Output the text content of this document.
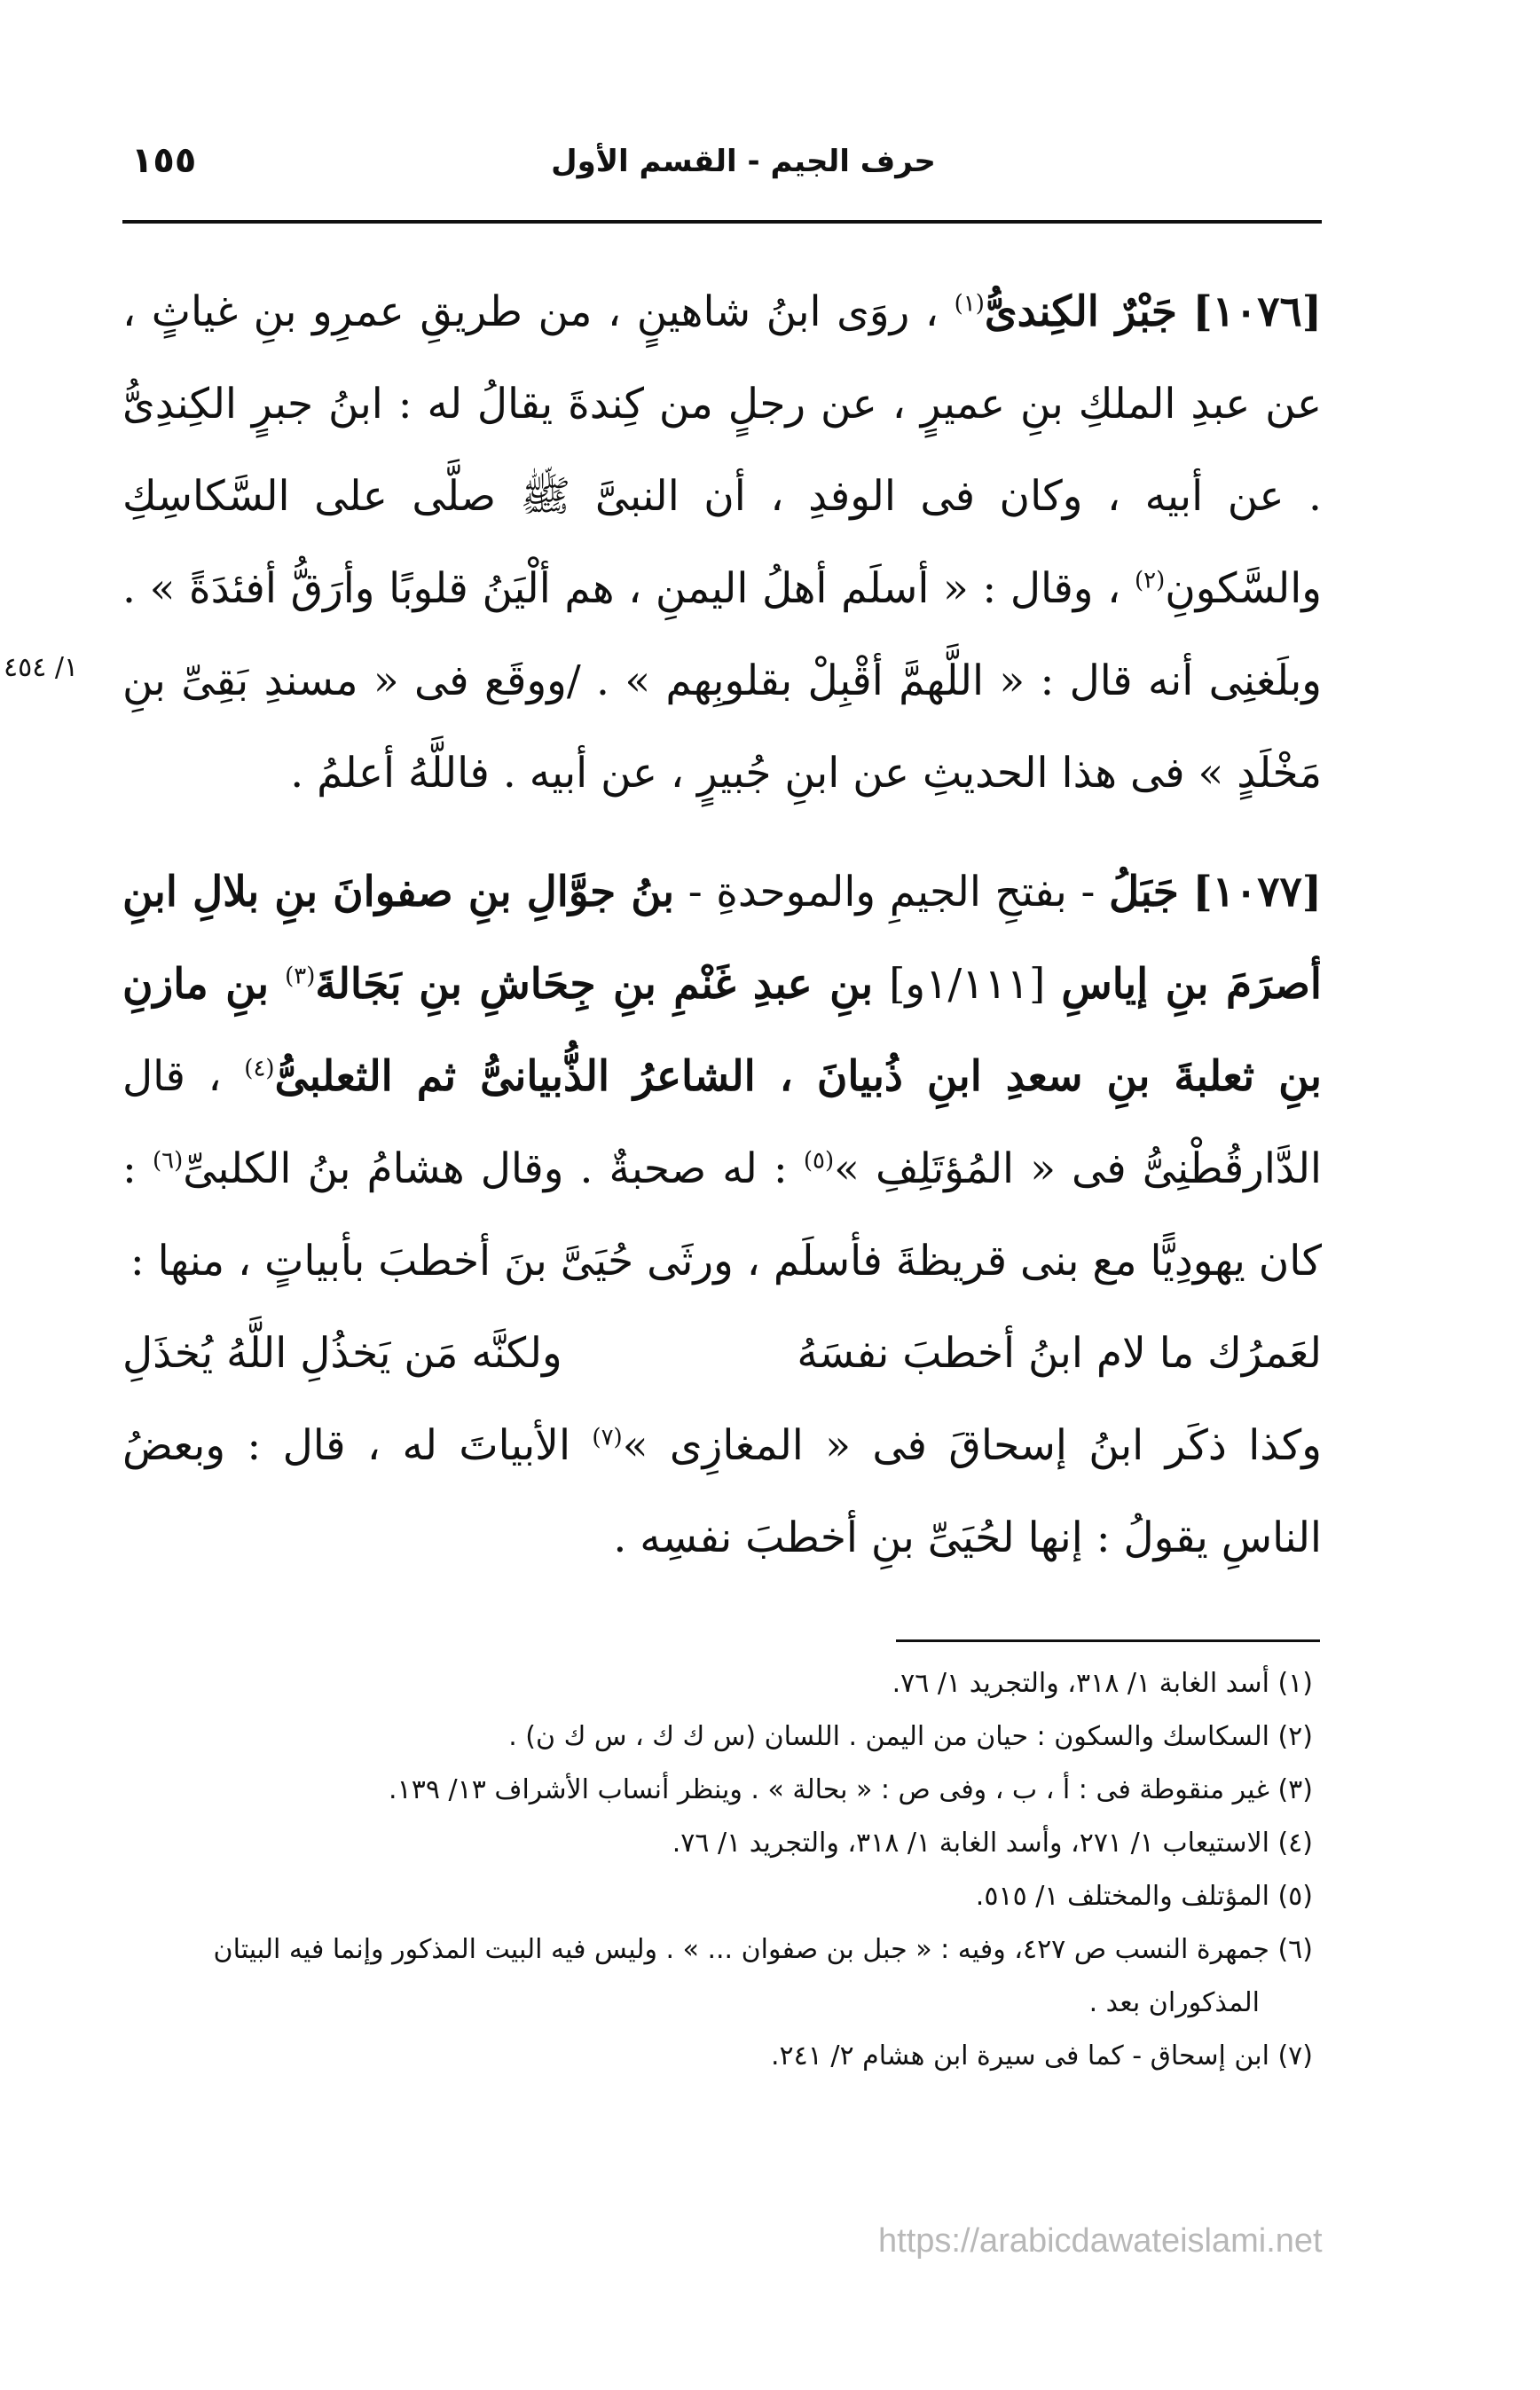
١٥٥	حرف الجيم - القسم الأول
١/ ٤٥٤

[١٠٧٦] جَبْرٌ الكِندىُّ$^{(١)}$ ، روَى ابنُ شاهينٍ ، من طريقِ عمرِو بنِ غياثٍ ، عن عبدِ الملكِ بنِ عميرٍ ، عن رجلٍ من كِندةَ يقالُ له : ابنُ جبرٍ الكِندِىُّ . عن أبيه ، وكان فى الوفدِ ، أن النبىَّ ﷺ صلَّى على السَّكاسِكِ والسَّكونِ$^{(٢)}$ ، وقال : « أسلَم أهلُ اليمنِ ، هم ألْيَنُ قلوبًا وأرَقُّ أفئدَةً » . وبلَغنِى أنه قال : « اللَّهمَّ أقْبِلْ بقلوبِهم » . /ووقَع فى « مسندِ بَقِىِّ بنِ مَخْلَدٍ » فى هذا الحديثِ عن ابنِ جُبيرٍ ، عن أبيه . فاللَّهُ أعلمُ .

[١٠٧٧] جَبَلُ - بفتحِ الجيمِ والموحدةِ - بنُ جوَّالِ بنِ صفوانَ بنِ بلالِ ابنِ أصرَمَ بنِ إياسِ [١/١١١و] بنِ عبدِ غَنْمِ بنِ جِحَاشِ بنِ بَجَالةَ$^{(٣)}$ بنِ مازنِ بنِ ثعلبةَ بنِ سعدِ ابنِ ذُبيانَ ، الشاعرُ الذُّبيانىُّ ثم الثعلبىُّ$^{(٤)}$ ، قال الدَّارقُطْنِىُّ فى « المُؤتَلِفِ »$^{(٥)}$ : له صحبةٌ . وقال هشامُ بنُ الكلبىِّ$^{(٦)}$ : كان يهودِيًّا مع بنى قريظةَ فأسلَم ، ورثَى حُيَىَّ بنَ أخطبَ بأبياتٍ ، منها :

لعَمرُك ما لام ابنُ أخطبَ نفسَهُ
ولكنَّه مَن يَخذُلِ اللَّهُ يُخذَلِ

وكذا ذكَر ابنُ إسحاقَ فى « المغازِى »$^{(٧)}$ الأبياتَ له ، قال : وبعضُ الناسِ يقولُ : إنها لحُيَىِّ بنِ أخطبَ نفسِه .

(١) أسد الغابة ١/ ٣١٨، والتجريد ١/ ٧٦.

(٢) السكاسك والسكون : حيان من اليمن . اللسان (س ك ك ، س ك ن) .

(٣) غير منقوطة فى : أ ، ب ، وفى ص : « بحالة » . وينظر أنساب الأشراف ١٣/ ١٣٩.

(٤) الاستيعاب ١/ ٢٧١، وأسد الغابة ١/ ٣١٨، والتجريد ١/ ٧٦.

(٥) المؤتلف والمختلف ١/ ٥١٥.

(٦) جمهرة النسب ص ٤٢٧، وفيه : « جبل بن صفوان ... » . وليس فيه البيت المذكور وإنما فيه البيتان

المذكوران بعد .

(٧) ابن إسحاق - كما فى سيرة ابن هشام ٢/ ٢٤١.

https://arabicdawateislami.net
